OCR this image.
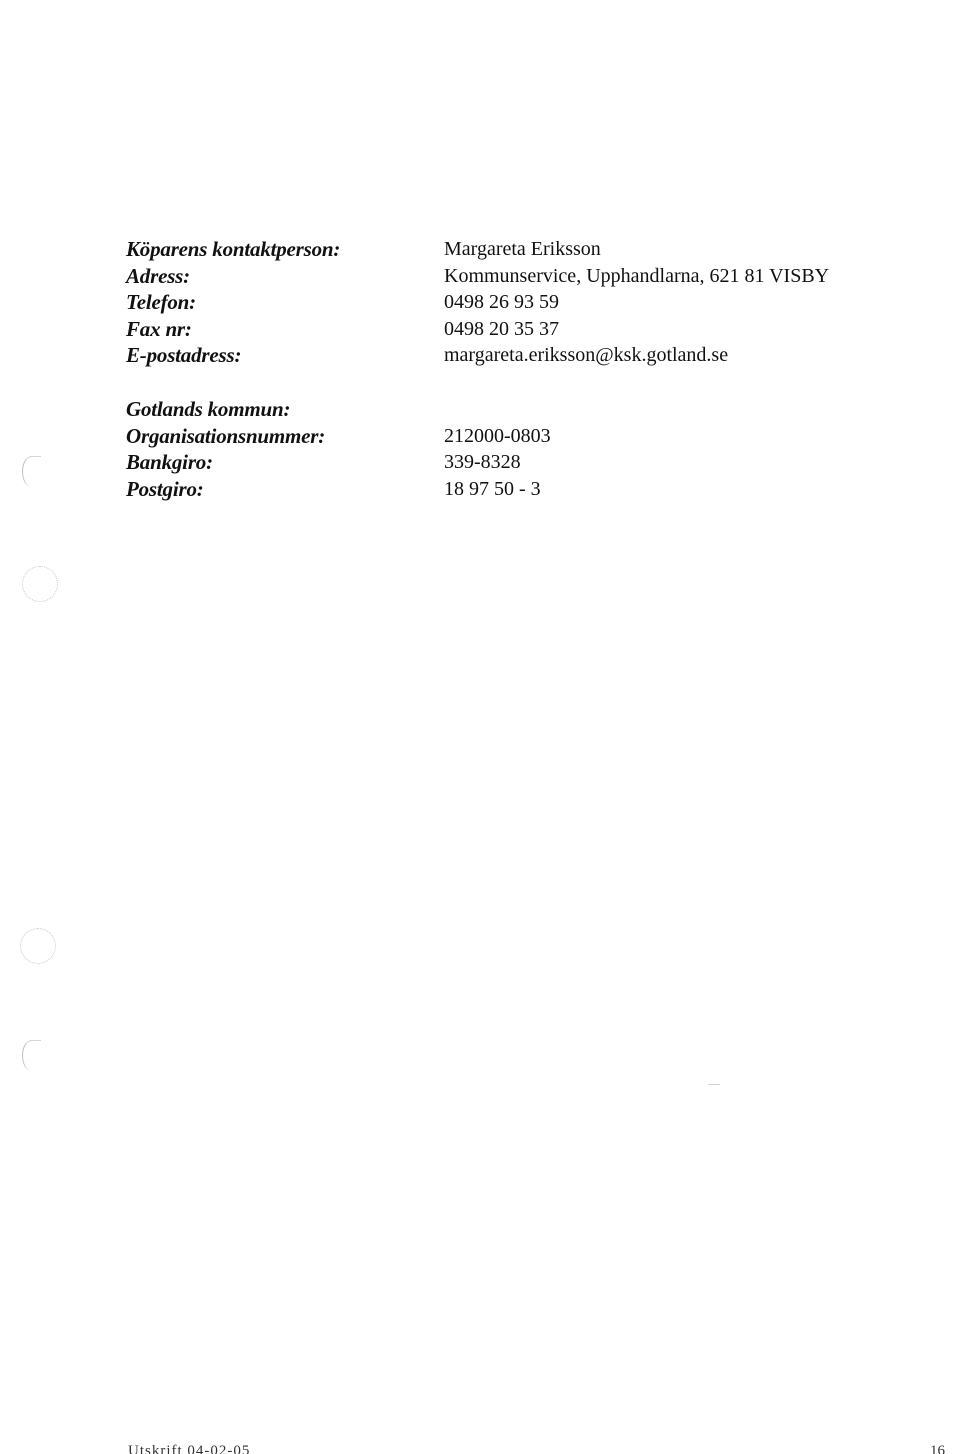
Köparens kontaktperson:	Margareta Eriksson
Adress:	Kommunservice, Upphandlarna, 621 81 VISBY
Telefon:	0498 26 93 59
Fax nr:	0498 20 35 37
E-postadress:	margareta.eriksson@ksk.gotland.se
Gotlands kommun:
Organisationsnummer:	212000-0803
Bankgiro:	339-8328
Postgiro:	18 97 50 - 3
Utskrift 04-02-05	16
